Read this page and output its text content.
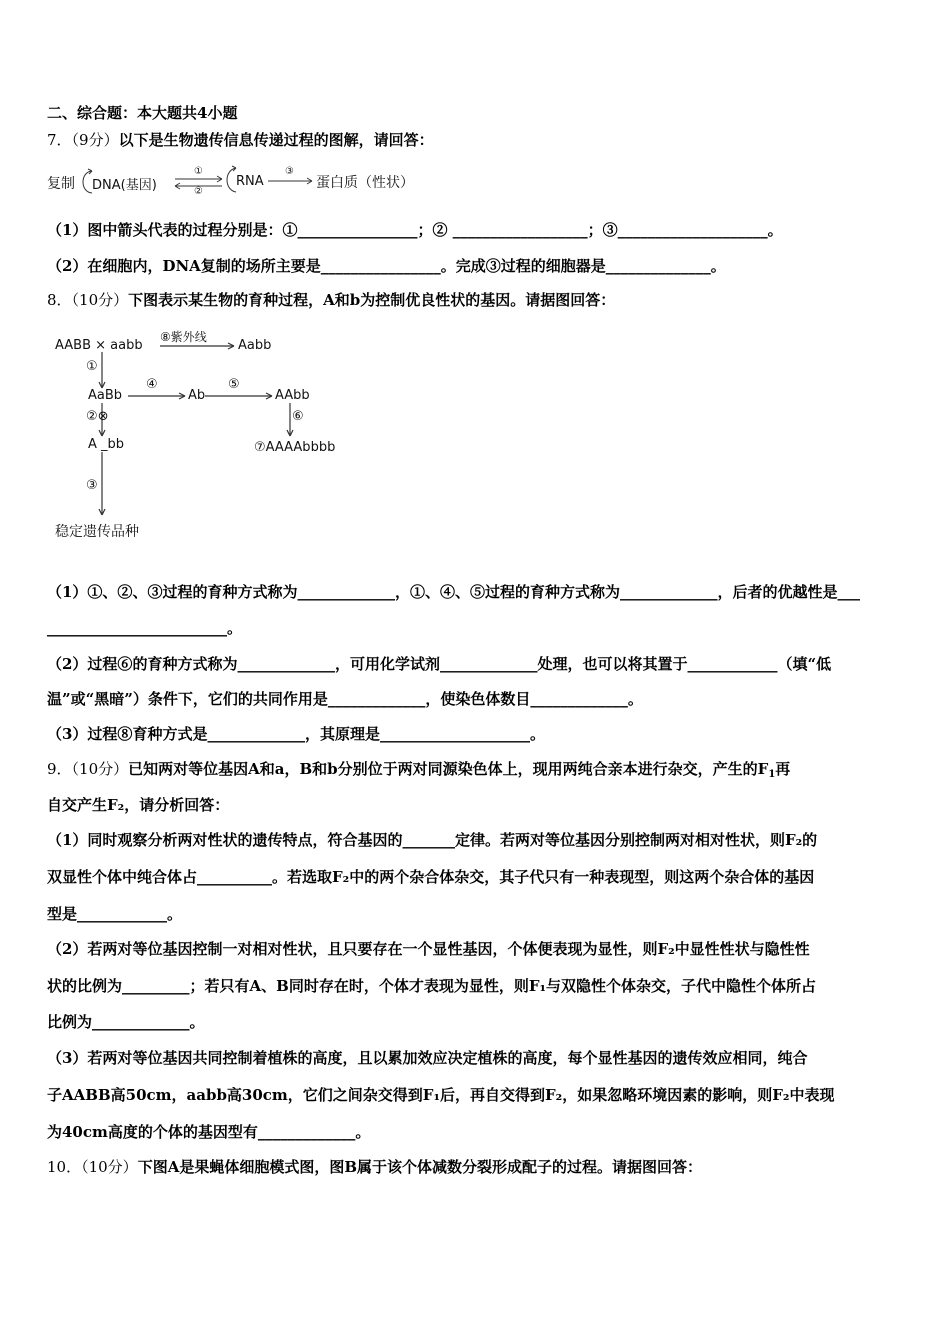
二、综合题：本大题共4小题
7．（9分）以下是生物遗传信息传递过程的图解，请回答：
复制 DNA(基因)
①
②
RNA
③
蛋白质（性状）
（1）图中箭头代表的过程分别是：①________________；② __________________；③____________________。
（2）在细胞内，DNA复制的场所主要是________________。完成③过程的细胞器是______________。
8．（10分）下图表示某生物的育种过程，A和b为控制优良性状的基因。请据图回答：
AABB × aabb
⑧紫外线
Aabb
①
AaBb
④
Ab
⑤
AAbb
②⊗	⑥
A _bb	⑦AAAAbbbb
③
稳定遗传品种
（1）①、②、③过程的育种方式称为_____________，①、④、⑤过程的育种方式称为_____________，后者的优越性是___
________________________。
（2）过程⑥的育种方式称为_____________，可用化学试剂_____________处理，也可以将其置于____________（填“低
温”或“黑暗”）条件下，它们的共同作用是_____________，使染色体数目_____________。
（3）过程⑧育种方式是_____________，其原理是____________________。
9．（10分）已知两对等位基因A和a，B和b分别位于两对同源染色体上，现用两纯合亲本进行杂交，产生的$F_1$再
自交产生F₂，请分析回答：
（1）同时观察分析两对性状的遗传特点，符合基因的_______定律。若两对等位基因分别控制两对相对性状，则F₂的
双显性个体中纯合体占__________。若选取F₂中的两个杂合体杂交，其子代只有一种表现型，则这两个杂合体的基因
型是____________。
（2）若两对等位基因控制一对相对性状，且只要存在一个显性基因，个体便表现为显性，则F₂中显性性状与隐性性
状的比例为_________；若只有A、B同时存在时，个体才表现为显性，则F₁与双隐性个体杂交，子代中隐性个体所占
比例为_____________。
（3）若两对等位基因共同控制着植株的高度，且以累加效应决定植株的高度，每个显性基因的遗传效应相同，纯合
子AABB高50cm，aabb高30cm，它们之间杂交得到F₁后，再自交得到F₂，如果忽略环境因素的影响，则F₂中表现
为40cm高度的个体的基因型有_____________。
10．（10分）下图A是果蝇体细胞模式图，图B属于该个体减数分裂形成配子的过程。请据图回答：
